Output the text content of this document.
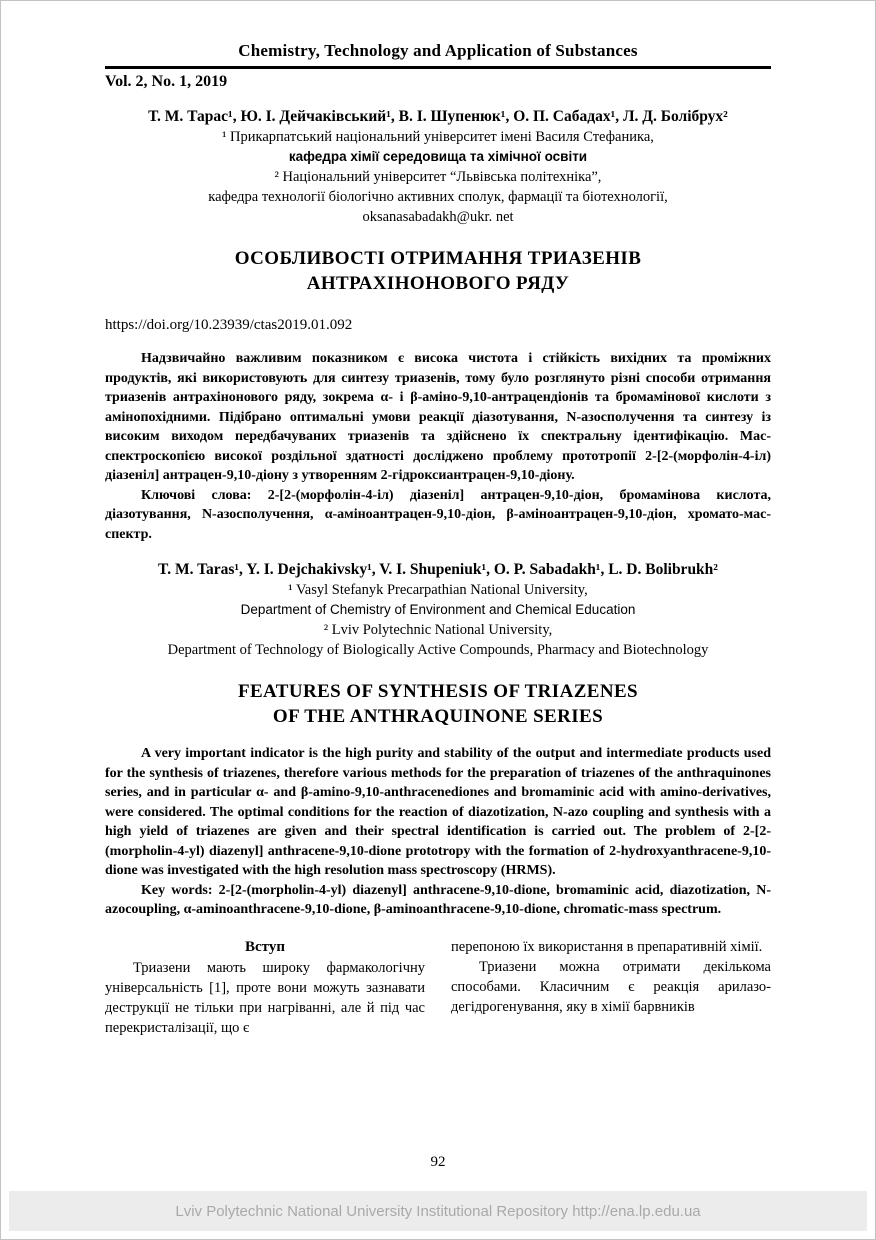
Chemistry, Technology and Application of Substances
Vol. 2, No. 1, 2019

Т. М. Тарас¹, Ю. І. Дейчаківський¹, В. І. Шупенюк¹, О. П. Сабадах¹, Л. Д. Болібрух²

¹ Прикарпатський національний університет імені Василя Стефаника,

кафедра хімії середовища та хімічної освіти

² Національний університет “Львівська політехніка”,

кафедра технології біологічно активних сполук, фармації та біотехнології,

oksanasabadakh@ukr. net

ОСОБЛИВОСТІ ОТРИМАННЯ ТРИАЗЕНІВ
АНТРАХІНОНОВОГО РЯДУ

https://doi.org/10.23939/ctas2019.01.092

Надзвичайно важливим показником є висока чистота і стійкість вихідних та проміжних продуктів, які використовують для синтезу триазенів, тому було розглянуто різні способи отримання триазенів антрахінонового ряду, зокрема α- і β-аміно-9,10-антрацендіонів та бромамінової кислоти з амінопохідними. Підібрано оптимальні умови реакції діазотування, N-азосполучення та синтезу із високим виходом передбачуваних триазенів та здійснено їх спектральну ідентифікацію. Мас-спектроскопією високої роздільної здатності досліджено проблему прототропії 2-[2-(морфолін-4-іл) діазеніл] антрацен-9,10-діону з утворенням 2-гідроксиантрацен-9,10-діону.

Ключові слова: 2-[2-(морфолін-4-іл) діазеніл] антрацен-9,10-діон, бромамінова кислота, діазотування, N-азосполучення, α-аміноантрацен-9,10-діон, β-аміноантрацен-9,10-діон, хромато-мас-спектр.

T. M. Taras¹, Y. I. Dejchakivsky¹, V. I. Shupeniuk¹, O. P. Sabadakh¹, L. D. Bolibrukh²

¹ Vasyl Stefanyk Precarpathian National University,

Department of Chemistry of Environment and Chemical Education

² Lviv Polytechnic National University,

Department of Technology of Biologically Active Compounds, Pharmacy and Biotechnology

FEATURES OF SYNTHESIS OF TRIAZENES
OF THE ANTHRAQUINONE SERIES

A very important indicator is the high purity and stability of the output and intermediate products used for the synthesis of triazenes, therefore various methods for the preparation of triazenes of the anthraquinones series, and in particular α- and β-amino-9,10-anthracenediones and bromaminic acid with amino-derivatives, were considered. The optimal conditions for the reaction of diazotization, N-azo coupling and synthesis with a high yield of triazenes are given and their spectral identification is carried out. The problem of 2-[2-(morpholin-4-yl) diazenyl] anthracene-9,10-dione prototropy with the formation of 2-hydroxyanthracene-9,10-dione was investigated with the high resolution mass spectroscopy (HRMS).

Key words: 2-[2-(morpholin-4-yl) diazenyl] anthracene-9,10-dione, bromaminic acid, diazotization, N-azocoupling, α-aminoanthracene-9,10-dione, β-aminoanthracene-9,10-dione, chromatic-mass spectrum.

Вступ

Триазени мають широку фармакологічну універсальність [1], проте вони можуть зазнавати деструкції не тільки при нагріванні, але й під час перекристалізації, що є

перепоною їх використання в препаративній хімії.

Триазени можна отримати декількома способами. Класичним є реакція арилазо-дегідрогенування, яку в хімії барвників

92
Lviv Polytechnic National University Institutional Repository http://ena.lp.edu.ua
